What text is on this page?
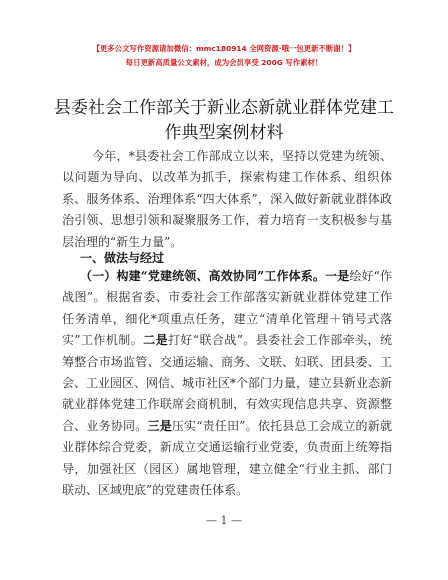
【更多公文写作资源请加微信：mmc180914 全网资源·哦一包更新不断谢！】
每日更新高质量公文素材，成为会员享受 200G 写作素材！
县委社会工作部关于新业态新就业群体党建工
作典型案例材料

今年，*县委社会工作部成立以来，坚持以党建为统领、以问题为导向、以改革为抓手，探索构建工作体系、组织体系、服务体系、治理体系“四大体系”，深入做好新就业群体政治引领、思想引领和凝聚服务工作，着力培育一支积极参与基层治理的“新生力量”。

一、做法与经过

（一）构建“党建统领、高效协同”工作体系。一是绘好“作战图”。根据省委、市委社会工作部落实新就业群体党建工作任务清单，细化*项重点任务，建立“清单化管理＋销号式落实”工作机制。二是打好“联合战”。县委社会工作部牵头，统筹整合市场监管、交通运输、商务、文联、妇联、团县委、工会、工业园区、网信、城市社区*个部门力量，建立县新业态新就业群体党建工作联席会商机制，有效实现信息共享、资源整合、业务协同。三是压实“责任田”。依托县总工会成立的新就业群体综合党委，新成立交通运输行业党委，负责面上统筹指导，加强社区（园区）属地管理，建立健全“行业主抓、部门联动、区域兜底”的党建责任体系。

— 1 —
